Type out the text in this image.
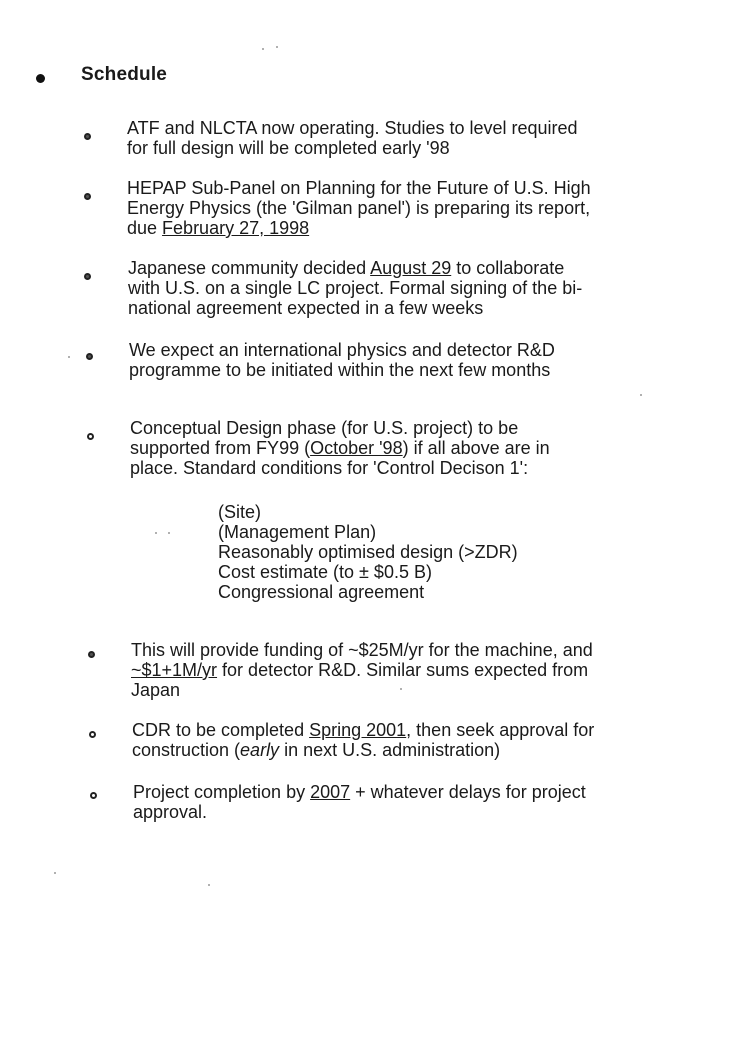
Schedule
ATF and NLCTA now operating. Studies to level required
for full design will be completed early '98
HEPAP Sub-Panel on Planning for the Future of U.S. High
Energy Physics (the 'Gilman panel') is preparing its report,
due February 27, 1998
Japanese community decided August 29 to collaborate
with U.S. on a single LC project. Formal signing of the bi-
national agreement expected in a few weeks
We expect an international physics and detector R&D
programme to be initiated within the next few months
Conceptual Design phase (for U.S. project) to be
supported from FY99 (October '98) if all above are in
place. Standard conditions for 'Control Decison 1':
(Site)
(Management Plan)
Reasonably optimised design (>ZDR)
Cost estimate (to ± $0.5 B)
Congressional agreement
This will provide funding of ~$25M/yr for the machine, and
~$1+1M/yr for detector R&D. Similar sums expected from
Japan
CDR to be completed Spring 2001, then seek approval for
construction (early in next U.S. administration)
Project completion by 2007 + whatever delays for project
approval.
